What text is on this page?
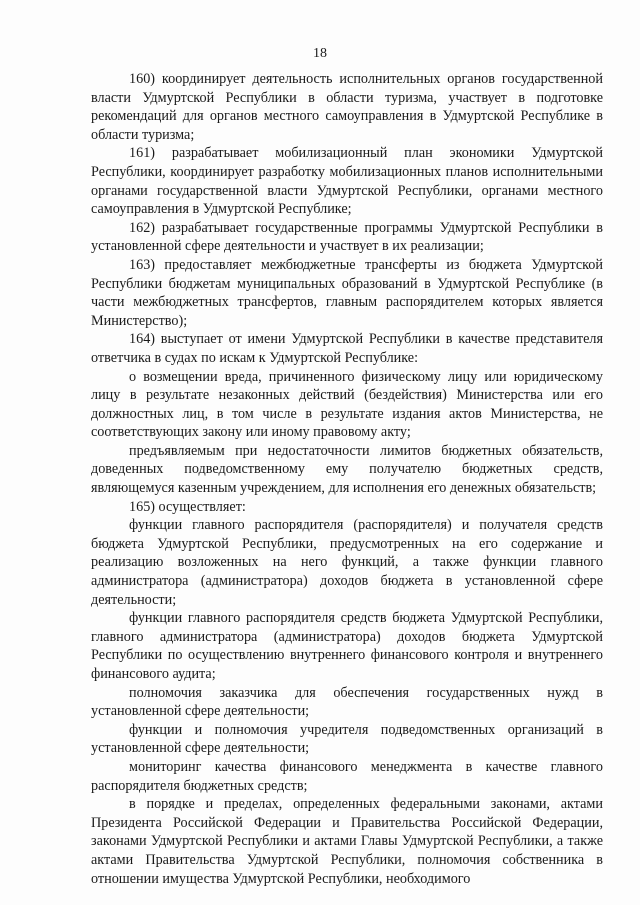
18

160) координирует деятельность исполнительных органов государственной власти Удмуртской Республики в области туризма, участвует в подготовке рекомендаций для органов местного самоуправления в Удмуртской Республике в области туризма;

161) разрабатывает мобилизационный план экономики Удмуртской Республики, координирует разработку мобилизационных планов исполнительными органами государственной власти Удмуртской Республики, органами местного самоуправления в Удмуртской Республике;

162) разрабатывает государственные программы Удмуртской Республики в установленной сфере деятельности и участвует в их реализации;

163) предоставляет межбюджетные трансферты из бюджета Удмуртской Республики бюджетам муниципальных образований в Удмуртской Республике (в части межбюджетных трансфертов, главным распорядителем которых является Министерство);

164) выступает от имени Удмуртской Республики в качестве представителя ответчика в судах по искам к Удмуртской Республике:

о возмещении вреда, причиненного физическому лицу или юридическому лицу в результате незаконных действий (бездействия) Министерства или его должностных лиц, в том числе в результате издания актов Министерства, не соответствующих закону или иному правовому акту;

предъявляемым при недостаточности лимитов бюджетных обязательств, доведенных подведомственному ему получателю бюджетных средств, являющемуся казенным учреждением, для исполнения его денежных обязательств;

165) осуществляет:

функции главного распорядителя (распорядителя) и получателя средств бюджета Удмуртской Республики, предусмотренных на его содержание и реализацию возложенных на него функций, а также функции главного администратора (администратора) доходов бюджета в установленной сфере деятельности;

функции главного распорядителя средств бюджета Удмуртской Республики, главного администратора (администратора) доходов бюджета Удмуртской Республики по осуществлению внутреннего финансового контроля и внутреннего финансового аудита;

полномочия заказчика для обеспечения государственных нужд в установленной сфере деятельности;

функции и полномочия учредителя подведомственных организаций в установленной сфере деятельности;

мониторинг качества финансового менеджмента в качестве главного распорядителя бюджетных средств;

в порядке и пределах, определенных федеральными законами, актами Президента Российской Федерации и Правительства Российской Федерации, законами Удмуртской Республики и актами Главы Удмуртской Республики, а также актами Правительства Удмуртской Республики, полномочия собственника в отношении имущества Удмуртской Республики, необходимого
